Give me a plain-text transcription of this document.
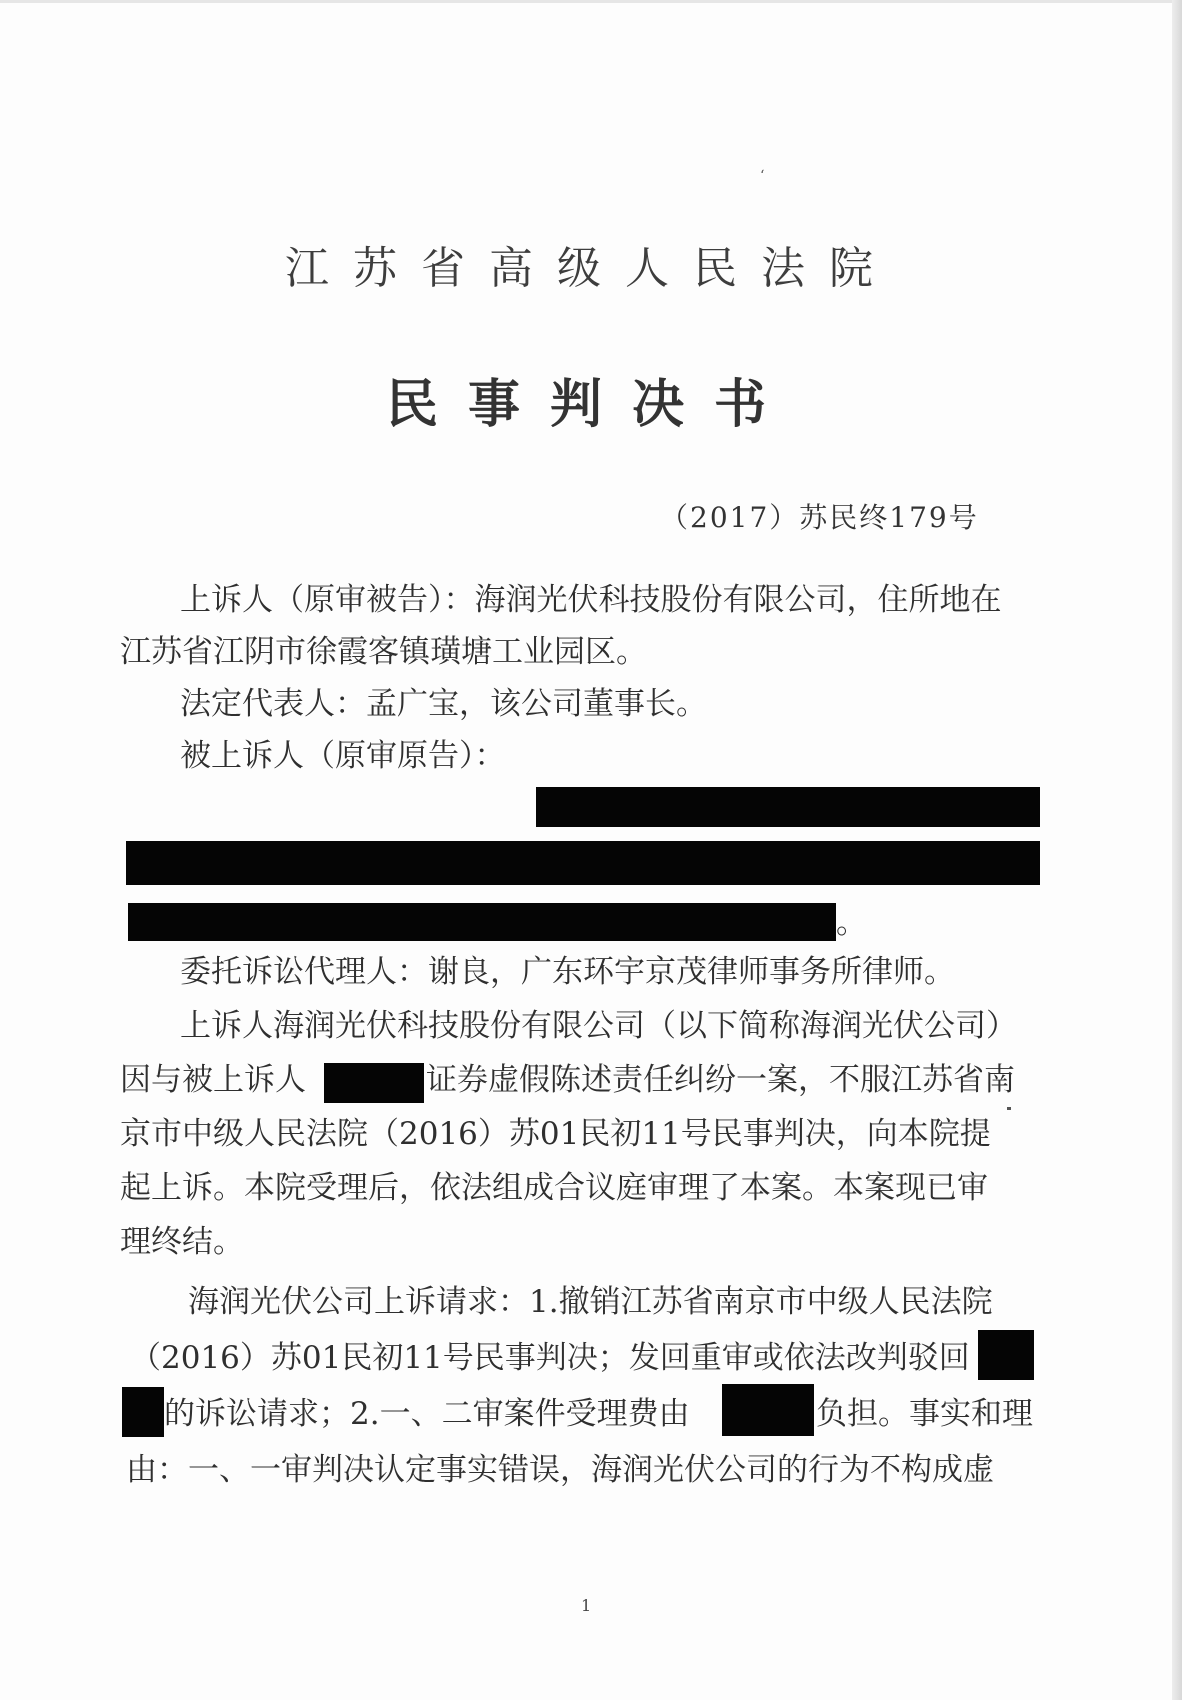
‘
江苏省高级人民法院
民事判决书
（2017）苏民终179号
上诉人（原审被告）：海润光伏科技股份有限公司，住所地在
江苏省江阴市徐霞客镇璜塘工业园区。
法定代表人：孟广宝，该公司董事长。
被上诉人（原审原告）：
。
委托诉讼代理人：谢良，广东环宇京茂律师事务所律师。
上诉人海润光伏科技股份有限公司（以下简称海润光伏公司）
因与被上诉人	证券虚假陈述责任纠纷一案，不服江苏省南
京市中级人民法院（2016）苏01民初11号民事判决，向本院提
起上诉。本院受理后，依法组成合议庭审理了本案。本案现已审
理终结。
海润光伏公司上诉请求：1.撤销江苏省南京市中级人民法院
（2016）苏01民初11号民事判决；发回重审或依法改判驳回
的诉讼请求；2.一、二审案件受理费由	负担。事实和理
由：一、一审判决认定事实错误，海润光伏公司的行为不构成虚
1
